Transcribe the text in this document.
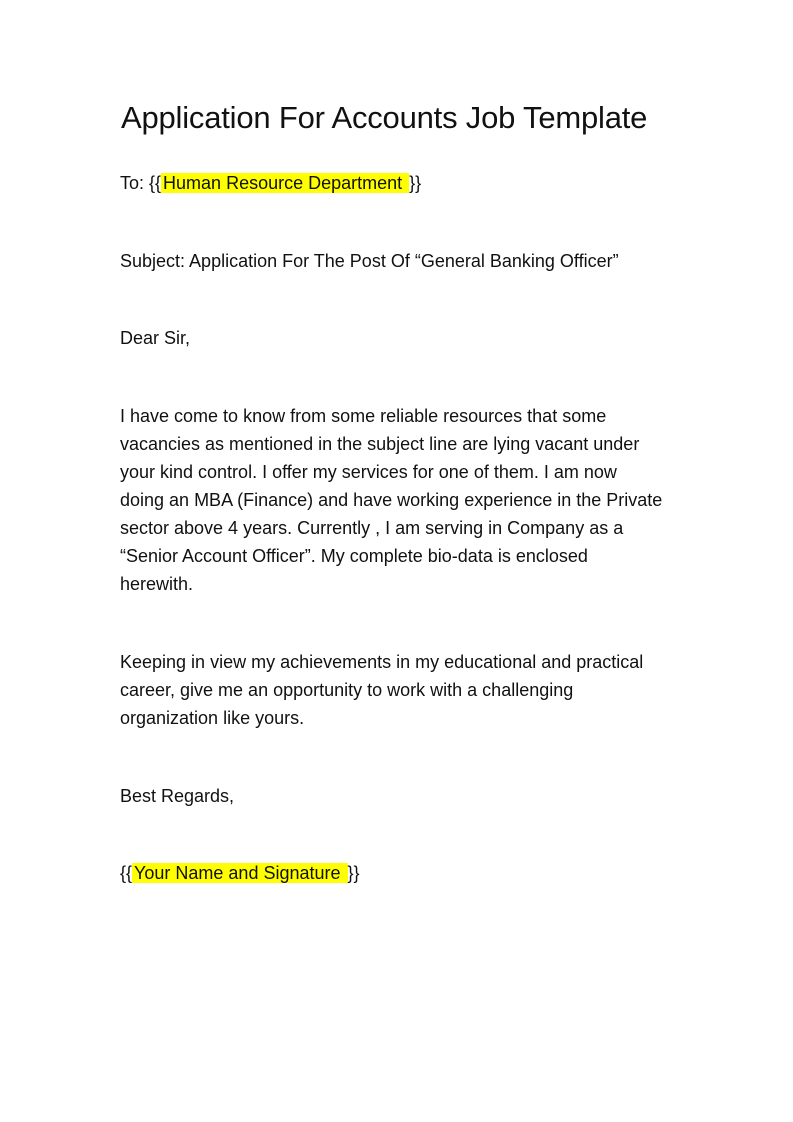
Application For Accounts Job Template

To: {{ Human Resource Department }}

Subject: Application For The Post Of “General Banking Officer”

Dear Sir,

I have come to know from some reliable resources that some vacancies as mentioned in the subject line are lying vacant under your kind control. I offer my services for one of them. I am now doing an MBA (Finance) and have working experience in the Private sector above 4 years. Currently , I am serving in Company as a “Senior Account Officer”. My complete bio-data is enclosed herewith.

Keeping in view my achievements in my educational and practical career, give me an opportunity to work with a challenging organization like yours.

Best Regards,

{{ Your Name and Signature }}
